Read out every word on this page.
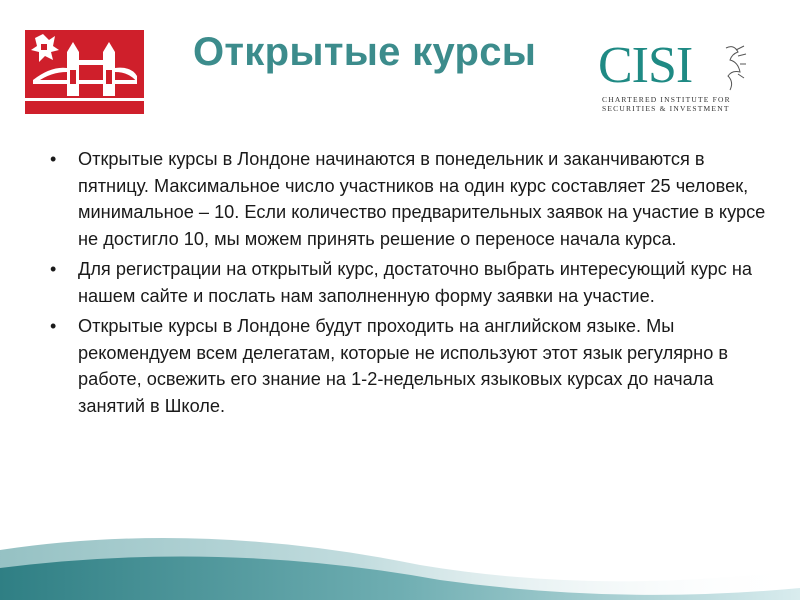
Открытые курсы CISI
CHARTERED INSTITUTE FOR
SECURITIES & INVESTMENT
• Открытые курсы в Лондоне начинаются в понедельник и заканчиваются в пятницу. Максимальное число участников на один курс составляет 25 человек, минимальное – 10. Если количество предварительных заявок на участие в курсе не достигло 10, мы можем принять решение о переносе начала курса.
• Для регистрации на открытый курс, достаточно выбрать интересующий курс на нашем сайте и послать нам заполненную форму заявки на участие.
• Открытые курсы в Лондоне будут проходить на английском языке. Мы рекомендуем всем делегатам, которые не используют этот язык регулярно в работе, освежить его знание на 1-2-недельных языковых курсах до начала занятий в Школе.
